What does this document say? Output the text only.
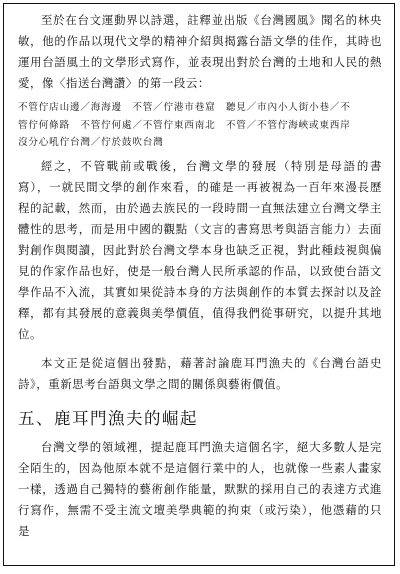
至於在台文運動界以詩選，註釋並出版《台灣國風》聞名的林央敏，他的作品以現代文學的精神介紹與揭露台語文學的佳作，其時也運用台語風土的文學形式寫作，並表現出對於台灣的土地和人民的熱愛，像〈指送台灣讚〉的第一段云：

不管佇店山邊／海海邊　不管／佇港市巷窟　聽見／市內小人街小巷／不
管佇何條路　不管佇何處／不管佇東西南北　不管／不管佇海峽或東西岸
沒分心吼佇台灣／佇於鼓吹台灣

經之，不管戰前或戰後，台灣文學的發展（特別是母語的書寫），一就民間文學的創作來看，的確是一再被視為一百年來漫長歷程的記載，然而，由於過去族民的一段時間一直無法建立台灣文學主體性的思考，而是用中國的觀點（文言的書寫思考與語言能力）去面對創作與閱讀，因此對於台灣文學本身也缺乏正視，對此種歧視與偏見的作家作品也好，使是一般台灣人民所承認的作品，以致使台語文學作品不入流，其實如果從詩本身的方法與創作的本質去探討以及詮釋，都有其發展的意義與美學價值，值得我們從事研究，以提升其地位。

本文正是從這個出發點，藉著討論鹿耳門漁夫的《台灣台語史詩》，重新思考台語與文學之間的關係與藝術價值。

五、鹿耳門漁夫的崛起

台灣文學的領域裡，提起鹿耳門漁夫這個名字，絕大多數人是完全陌生的，因為他原本就不是這個行業中的人，也就像一些素人畫家一樣，透過自己獨特的藝術創作能量，默默的採用自己的表達方式進行寫作，無需不受主流文壇美學典範的拘束（或污染），他憑藉的只是
